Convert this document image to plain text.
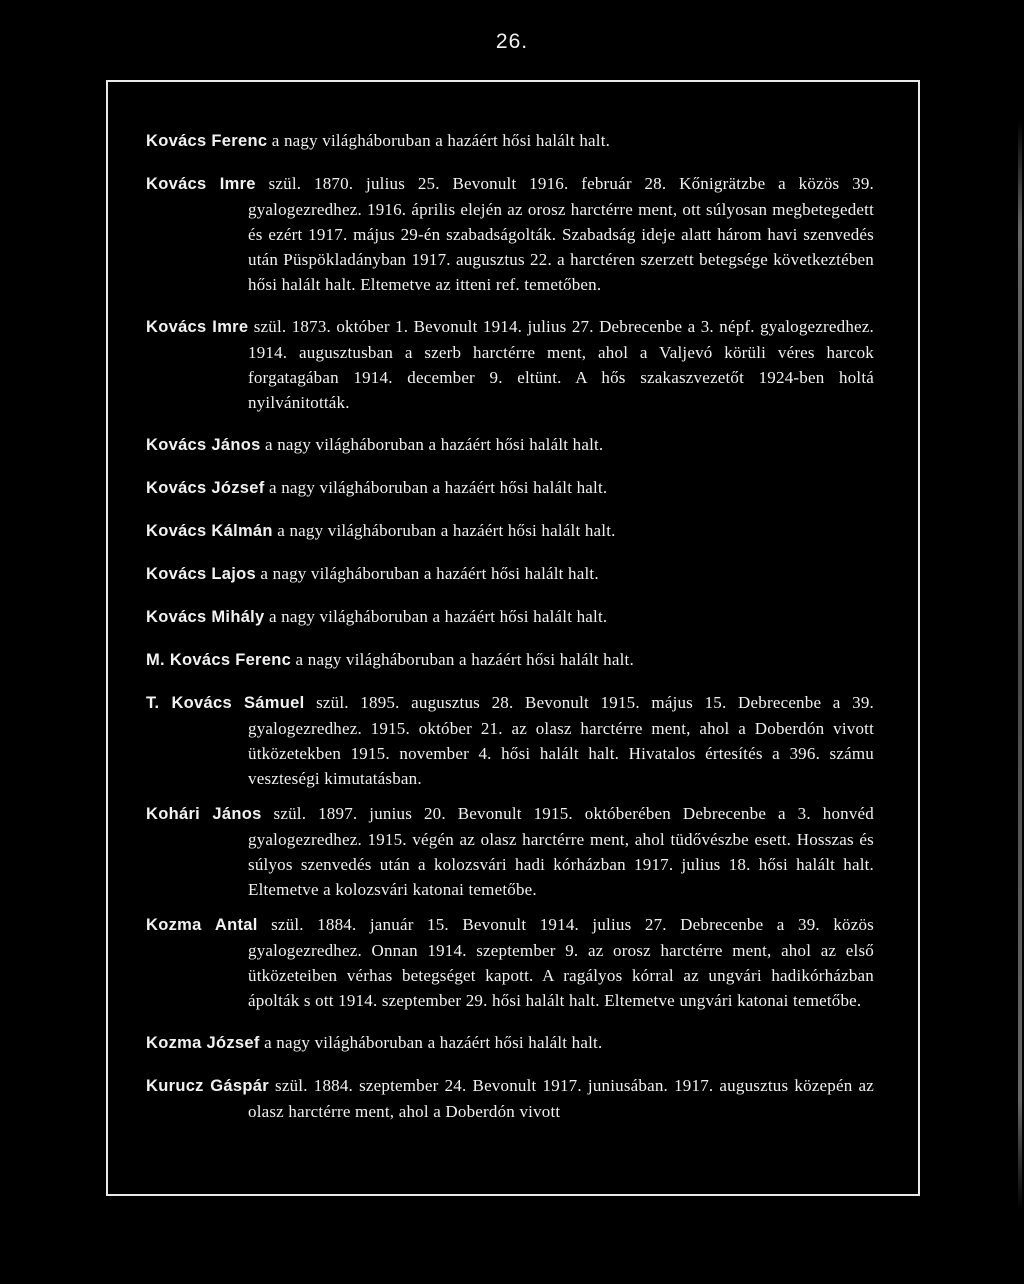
26.

Kovács Ferenc a nagy világháboruban a hazáért hősi halált halt.

Kovács Imre szül. 1870. julius 25. Bevonult 1916. február 28. Kőnigrätzbe a közös 39. gyalogezredhez. 1916. április elején az orosz harctérre ment, ott súlyosan megbetegedett és ezért 1917. május 29-én szabadságolták. Szabadság ideje alatt három havi szenvedés után Püspökladányban 1917. augusztus 22. a harctéren szerzett betegsége következtében hősi halált halt. Eltemetve az itteni ref. temetőben.

Kovács Imre szül. 1873. október 1. Bevonult 1914. julius 27. Debrecenbe a 3. népf. gyalogezredhez. 1914. augusztusban a szerb harctérre ment, ahol a Valjevó körüli véres harcok forgatagában 1914. december 9. eltünt. A hős szakaszvezetőt 1924-ben holtá nyilvánitották.

Kovács János a nagy világháboruban a hazáért hősi halált halt.

Kovács József a nagy világháboruban a hazáért hősi halált halt.

Kovács Kálmán a nagy világháboruban a hazáért hősi halált halt.

Kovács Lajos a nagy világháboruban a hazáért hősi halált halt.

Kovács Mihály a nagy világháboruban a hazáért hősi halált halt.

M. Kovács Ferenc a nagy világháboruban a hazáért hősi halált halt.

T. Kovács Sámuel szül. 1895. augusztus 28. Bevonult 1915. május 15. Debrecenbe a 39. gyalogezredhez. 1915. október 21. az olasz harctérre ment, ahol a Doberdón vivott ütközetekben 1915. november 4. hősi halált halt. Hivatalos értesítés a 396. számu veszteségi kimutatásban.

Kohári János szül. 1897. junius 20. Bevonult 1915. októberében Debrecenbe a 3. honvéd gyalogezredhez. 1915. végén az olasz harctérre ment, ahol tüdővészbe esett. Hosszas és súlyos szenvedés után a kolozsvári hadi kórházban 1917. julius 18. hősi halált halt. Eltemetve a kolozsvári katonai temetőbe.

Kozma Antal szül. 1884. január 15. Bevonult 1914. julius 27. Debrecenbe a 39. közös gyalogezredhez. Onnan 1914. szeptember 9. az orosz harctérre ment, ahol az első ütközeteiben vérhas betegséget kapott. A ragályos kórral az ungvári hadikórházban ápolták s ott 1914. szeptember 29. hősi halált halt. Eltemetve ungvári katonai temetőbe.

Kozma József a nagy világháboruban a hazáért hősi halált halt.

Kurucz Gáspár szül. 1884. szeptember 24. Bevonult 1917. juniusában. 1917. augusztus közepén az olasz harctérre ment, ahol a Doberdón vivott
